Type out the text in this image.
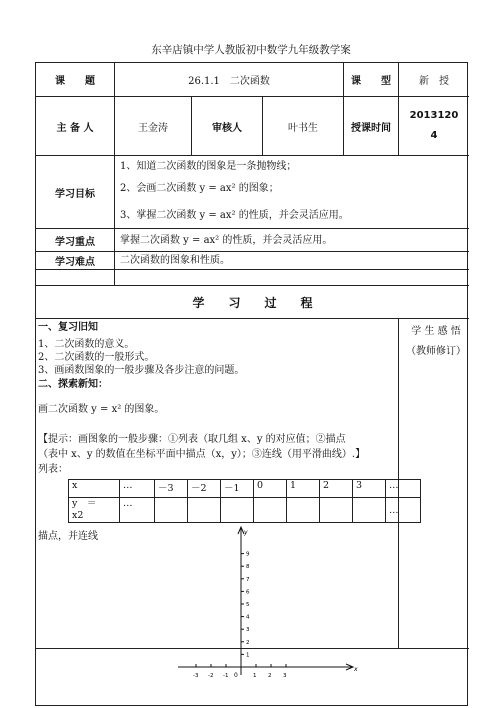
东辛店镇中学人教版初中数学九年级教学案
课　　题	26.1.1　二次函数	课　　型	新　授
主 备 人	王金涛	审核人	叶书生	授课时间
2013120
4
学习目标
1、知道二次函数的图象是一条抛物线；
2、会画二次函数 y = ax² 的图象；
3、掌握二次函数 y = ax² 的性质，并会灵活应用。
学习重点	掌握二次函数 y = ax² 的性质，并会灵活应用。
学习难点	二次函数的图象和性质。
学　　习　　过　　程
学 生 感 悟
（教师修订）
一、复习旧知
1、二次函数的意义。
2、二次函数的一般形式。
3、画函数图象的一般步骤及各步注意的问题。
二、探索新知：
画二次函数 y = x² 的图象。
【提示：画图象的一般步骤：①列表（取几组 x、y 的对应值；②描点
（表中 x、y 的数值在坐标平面中描点（x，y）；③连线（用平滑曲线）.】
列表：
描点，并连线
x	…	－3	－2	－1	0	1	2	3	…
y　＝
x2	…								…
y
x
0
1
2
3
4
5
6
7
8
9
-3 -2 -1	1 2 3
